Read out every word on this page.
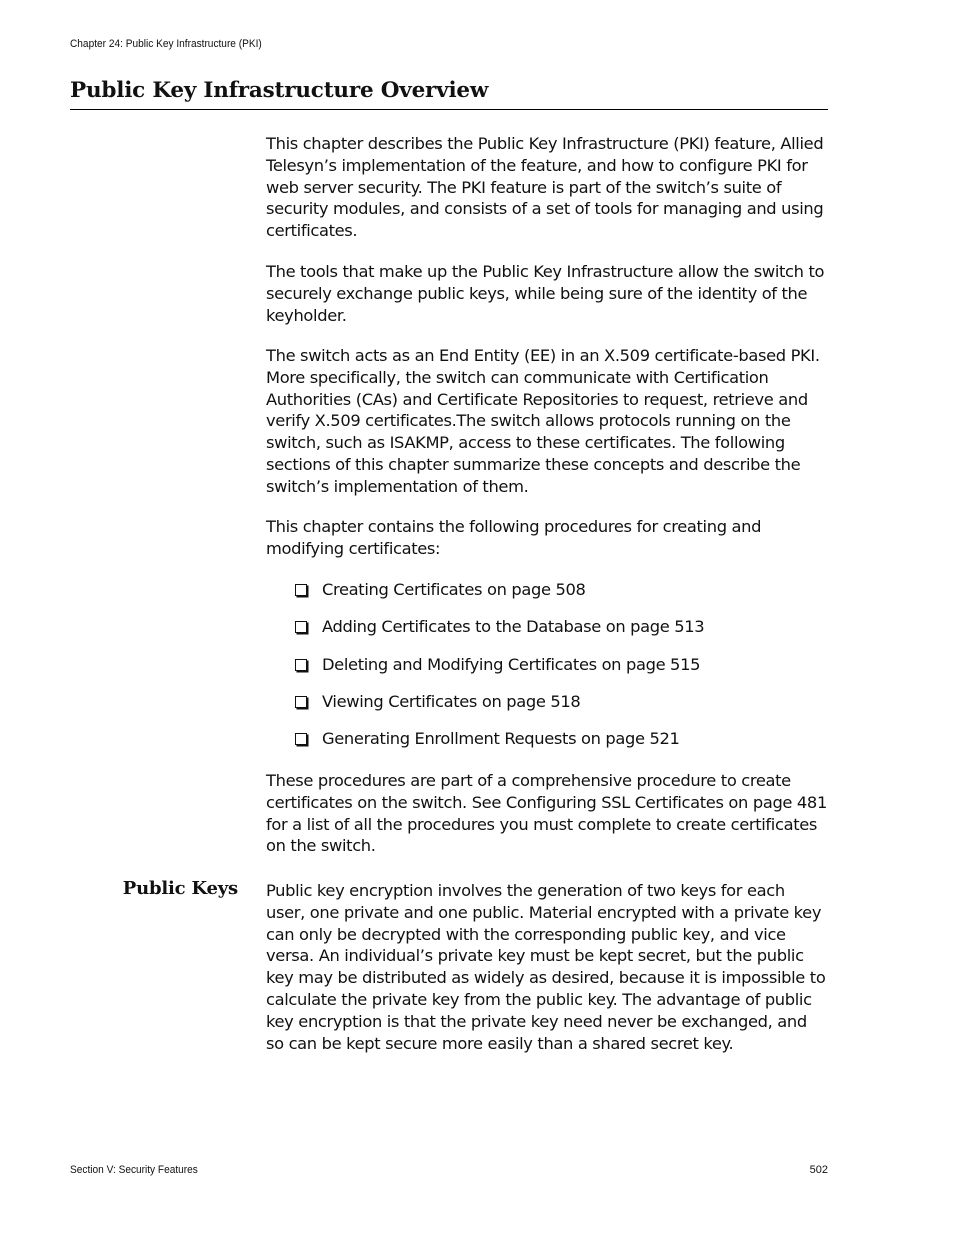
Chapter 24: Public Key Infrastructure (PKI)
Public Key Infrastructure Overview

This chapter describes the Public Key Infrastructure (PKI) feature, Allied Telesyn’s implementation of the feature, and how to configure PKI for web server security. The PKI feature is part of the switch’s suite of security modules, and consists of a set of tools for managing and using certificates.

The tools that make up the Public Key Infrastructure allow the switch to securely exchange public keys, while being sure of the identity of the keyholder.

The switch acts as an End Entity (EE) in an X.509 certificate-based PKI. More specifically, the switch can communicate with Certification Authorities (CAs) and Certificate Repositories to request, retrieve and verify X.509 certificates.The switch allows protocols running on the switch, such as ISAKMP, access to these certificates. The following sections of this chapter summarize these concepts and describe the switch’s implementation of them.

This chapter contains the following procedures for creating and modifying certificates:

Creating Certificates on page 508
Adding Certificates to the Database on page 513
Deleting and Modifying Certificates on page 515
Viewing Certificates on page 518
Generating Enrollment Requests on page 521

These procedures are part of a comprehensive procedure to create certificates on the switch. See Configuring SSL Certificates on page 481 for a list of all the procedures you must complete to create certificates on the switch.

Public Keys Public key encryption involves the generation of two keys for each user, one private and one public. Material encrypted with a private key can only be decrypted with the corresponding public key, and vice versa. An individual’s private key must be kept secret, but the public key may be distributed as widely as desired, because it is impossible to calculate the private key from the public key. The advantage of public key encryption is that the private key need never be exchanged, and so can be kept secure more easily than a shared secret key.

Section V: Security Features	502
